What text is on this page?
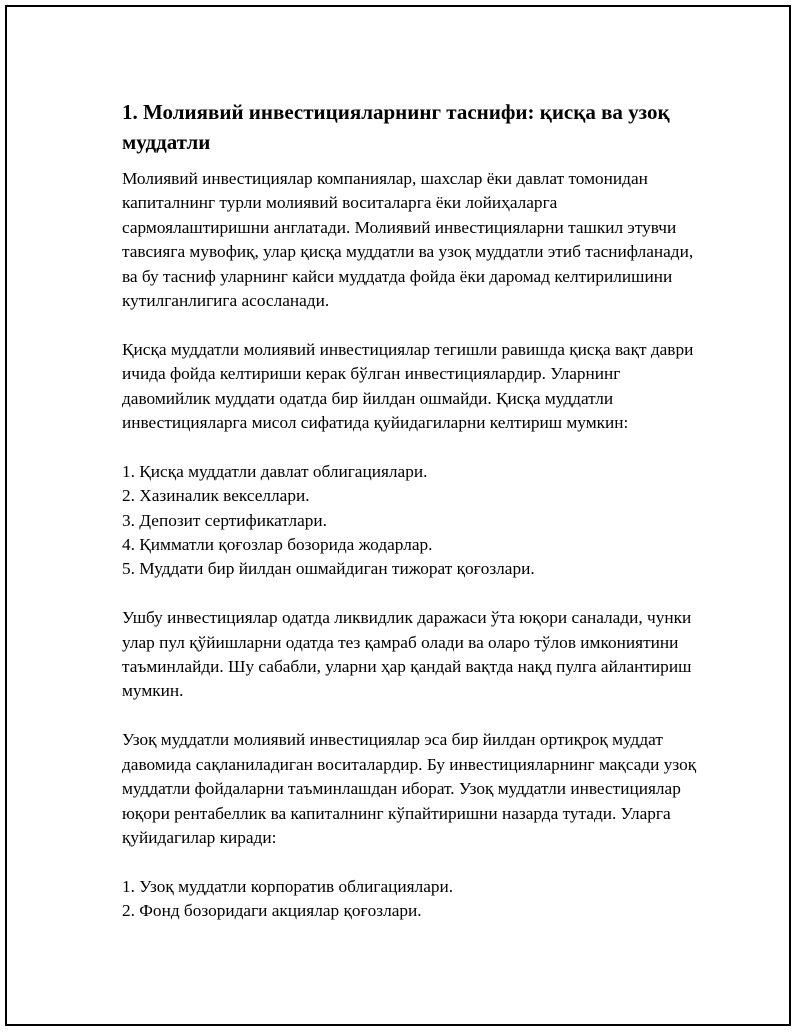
1. Молиявий инвестицияларнинг таснифи: қисқа ва узоқ муддатли

Молиявий инвестициялар компаниялар, шахслар ёки давлат томонидан капиталнинг турли молиявий воситаларга ёки лойиҳаларга сармоялаштиришни англатади. Молиявий инвестицияларни ташкил этувчи тавсияга мувофиқ, улар қисқа муддатли ва узоқ муддатли этиб таснифланади, ва бу тасниф уларнинг кайси муддатда фойда ёки даромад келтирилишини кутилганлигига асосланади.

Қисқа муддатли молиявий инвестициялар тегишли равишда қисқа вақт даври ичида фойда келтириши керак бўлган инвестициялардир. Уларнинг давомийлик муддати одатда бир йилдан ошмайди. Қисқа муддатли инвестицияларга мисол сифатида қуйидагиларни келтириш мумкин:

1. Қисқа муддатли давлат облигациялари.
2. Хазиналик векселлари.
3. Депозит сертификатлари.
4. Қимматли қоғозлар бозорида жодарлар.
5. Муддати бир йилдан ошмайдиган тижорат қоғозлари.

Ушбу инвестициялар одатда ликвидлик даражаси ўта юқори саналади, чунки улар пул қўйишларни одатда тез қамраб олади ва оларо тўлов имкониятини таъминлайди. Шу сабабли, уларни ҳар қандай вақтда нақд пулга айлантириш мумкин.

Узоқ муддатли молиявий инвестициялар эса бир йилдан ортиқроқ муддат давомида сақланиладиган воситалардир. Бу инвестицияларнинг мақсади узоқ муддатли фойдаларни таъминлашдан иборат. Узоқ муддатли инвестициялар юқори рентабеллик ва капиталнинг кўпайтиришни назарда тутади. Уларга қуйидагилар киради:

1. Узоқ муддатли корпоратив облигациялари.
2. Фонд бозоридаги акциялар қоғозлари.
